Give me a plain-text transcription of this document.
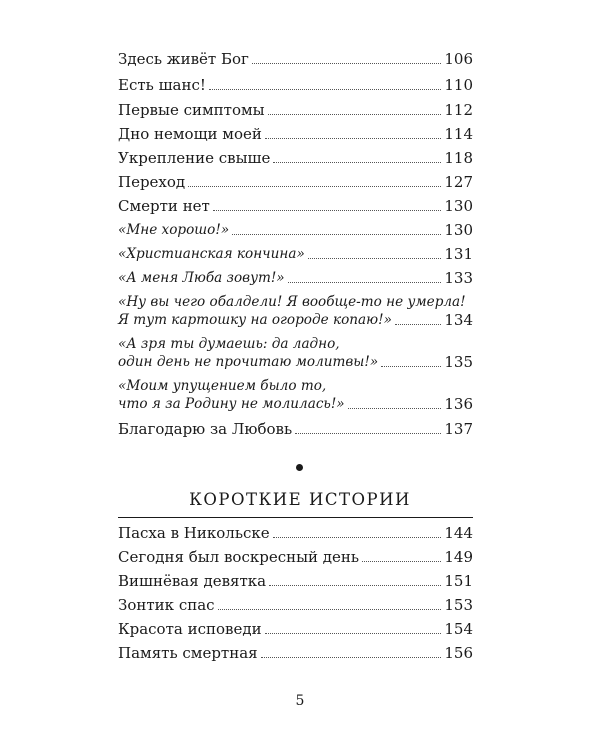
Здесь живёт Бог	106
Есть шанс!	110
Первые симптомы	112
Дно немощи моей	114
Укрепление свыше	118
Переход	127
Смерти нет	130
«Мне хорошо!»	130
«Христианская кончина»	131
«А меня Люба зовут!»	133
«Ну вы чего обалдели! Я вообще-то не умерла!
Я тут картошку на огороде копаю!»	134
«А зря ты думаешь: да ладно,
один день не прочитаю молитвы!»	135
«Моим упущением было то,
что я за Родину не молилась!»	136
Благодарю за Любовь	137
КОРОТКИЕ ИСТОРИИ
Пасха в Никольске	144
Сегодня был воскресный день	149
Вишнёвая девятка	151
Зонтик спас	153
Красота исповеди	154
Память смертная	156
5
